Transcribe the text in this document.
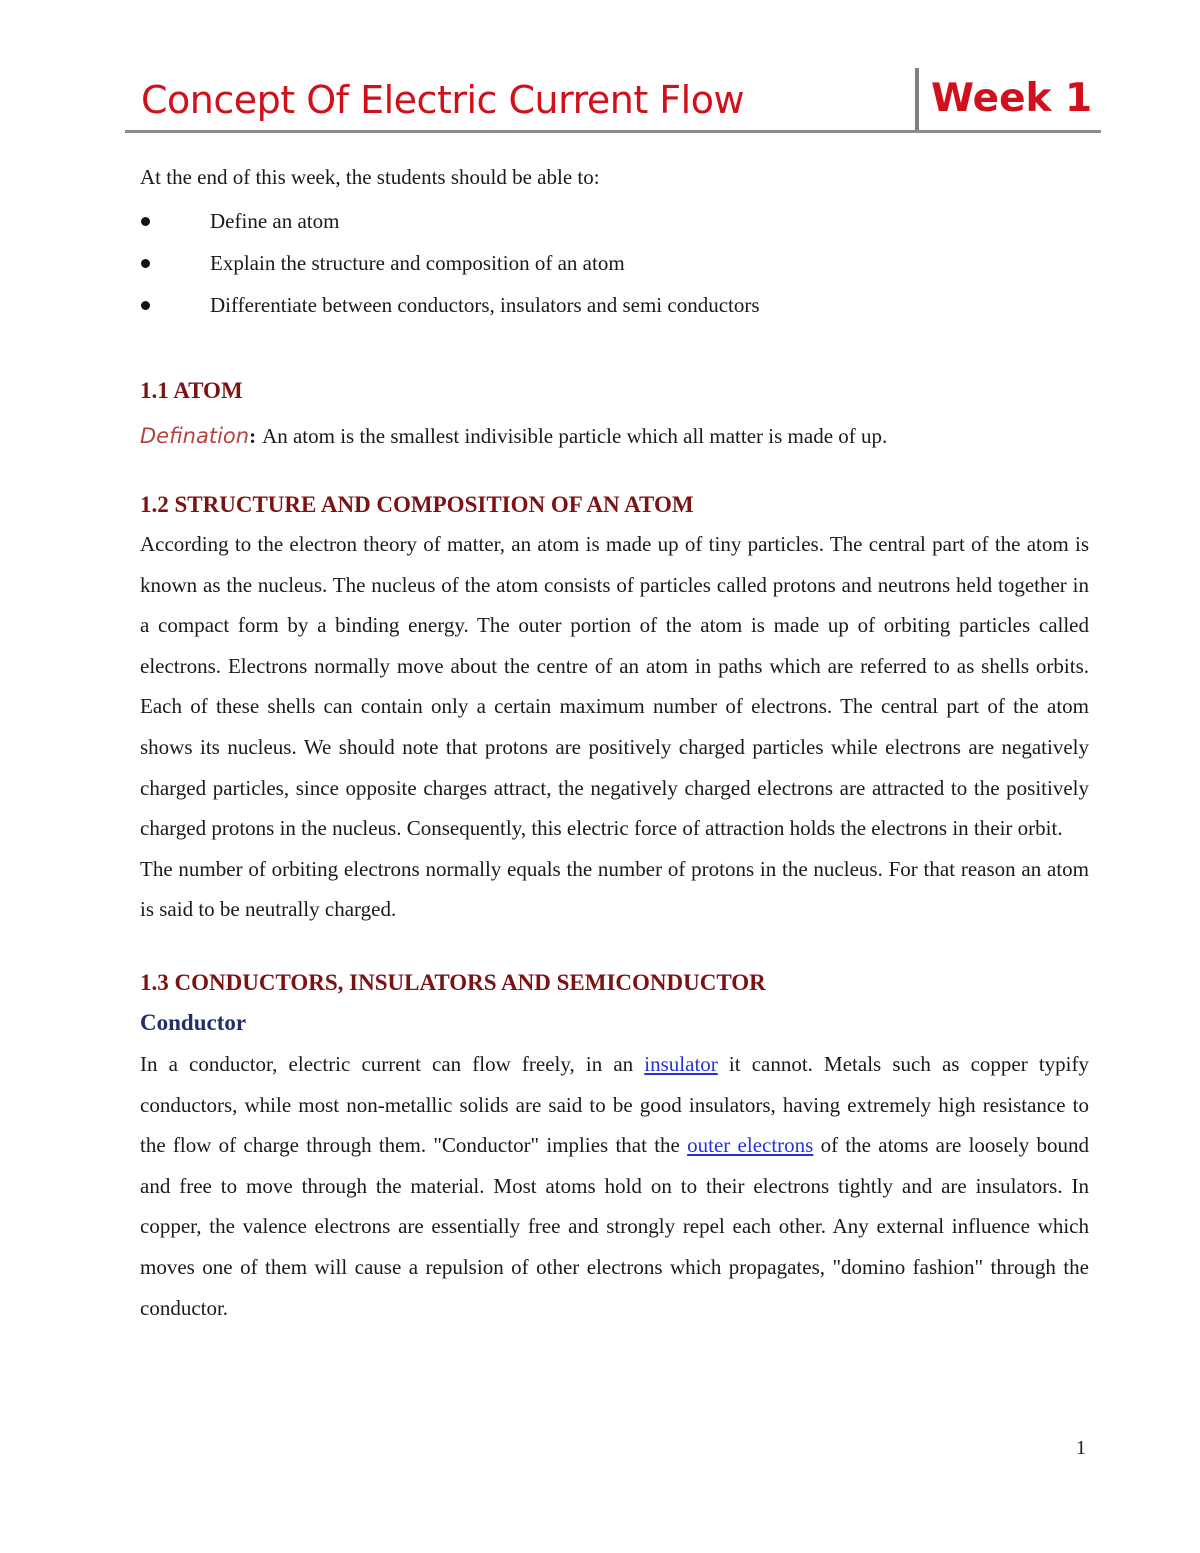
Concept Of Electric Current Flow	Week 1

At the end of this week, the students should be able to:

Define an atom
Explain the structure and composition of an atom
Differentiate between conductors, insulators and semi conductors
1.1 ATOM

Defination: An atom is the smallest indivisible particle which all matter is made of up.

1.2 STRUCTURE AND COMPOSITION OF AN ATOM

According to the electron theory of matter, an atom is made up of tiny particles. The central part of the atom is known as the nucleus. The nucleus of the atom consists of particles called protons and neutrons held together in a compact form by a binding energy. The outer portion of the atom is made up of orbiting particles called electrons. Electrons normally move about the centre of an atom in paths which are referred to as shells orbits. Each of these shells can contain only a certain maximum number of electrons. The central part of the atom shows its nucleus. We should note that protons are positively charged particles while electrons are negatively charged particles, since opposite charges attract, the negatively charged electrons are attracted to the positively charged protons in the nucleus. Consequently, this electric force of attraction holds the electrons in their orbit.

The number of orbiting electrons normally equals the number of protons in the nucleus. For that reason an atom is said to be neutrally charged.

1.3 CONDUCTORS, INSULATORS AND SEMICONDUCTOR
Conductor

In a conductor, electric current can flow freely, in an insulator it cannot. Metals such as copper typify conductors, while most non-metallic solids are said to be good insulators, having extremely high resistance to the flow of charge through them. "Conductor" implies that the outer electrons of the atoms are loosely bound and free to move through the material. Most atoms hold on to their electrons tightly and are insulators. In copper, the valence electrons are essentially free and strongly repel each other. Any external influence which moves one of them will cause a repulsion of other electrons which propagates, "domino fashion" through the conductor.

1
